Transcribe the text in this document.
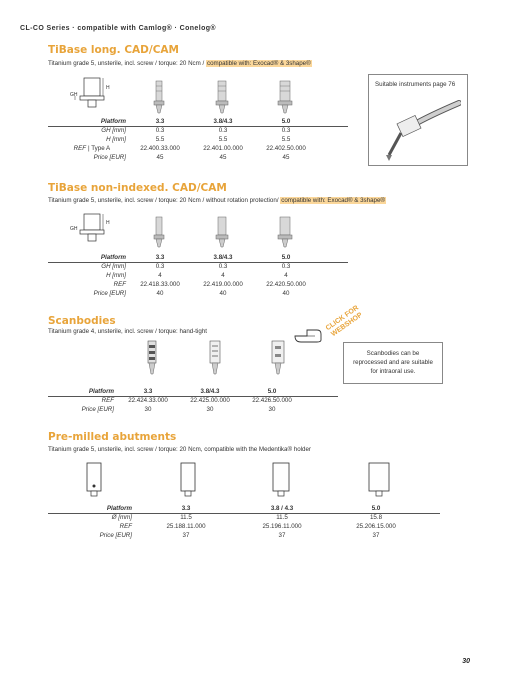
CL-CO Series · compatible with Camlog® · Conelog®
TiBase long. CAD/CAM
Titanium grade 5, unsterile, incl. screw / torque: 20 Ncm / compatible with: Exocad® & 3shape®
H
GH
Suitable instruments page 76
Platform	3.3	3.8/4.3	5.0
GH [mm]	0.3	0.3	0.3
H [mm]	5.5	5.5	5.5
REF | Type A	22.400.33.000	22.401.00.000	22.402.50.000
Price [EUR]	45	45	45
TiBase non-indexed. CAD/CAM
Titanium grade 5, unsterile, incl. screw / torque: 20 Ncm / without rotation protection/ compatible with: Exocad® & 3shape®
H
GH
Platform	3.3	3.8/4.3	5.0
GH [mm]	0.3	0.3	0.3
H [mm]	4	4	4
REF	22.418.33.000	22.419.00.000	22.420.50.000
Price [EUR]	40	40	40
Scanbodies
Titanium grade 4, unsterile, incl. screw / torque: hand-tight	CLICK FOR WEBSHOP
Scanbodies can be reprocessed and are suitable for intraoral use.
Platform	3.3	3.8/4.3	5.0
REF	22.424.33.000	22.425.00.000	22.426.50.000
Price [EUR]	30	30	30
Pre-milled abutments
Titanium grade 5, unsterile, incl. screw / torque: 20 Ncm, compatible with the Medentika® holder
Platform	3.3	3.8 / 4.3	5.0
Ø [mm]	11.5	11.5	15.8
REF	25.188.11.000	25.196.11.000	25.206.15.000
Price [EUR]	37	37	37
30
